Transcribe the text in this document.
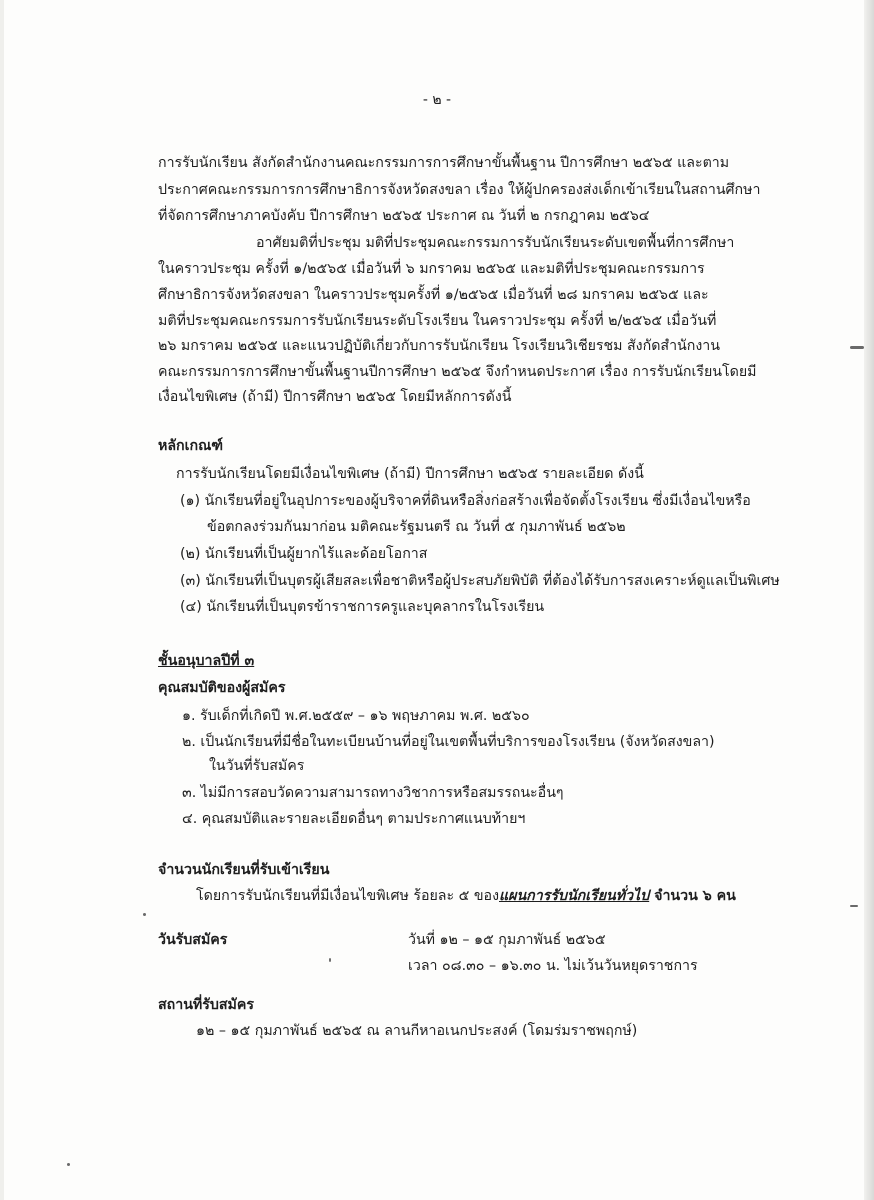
- ๒ -
การรับนักเรียน สังกัดสำนักงานคณะกรรมการการศึกษาขั้นพื้นฐาน ปีการศึกษา ๒๕๖๕ และตาม
ประกาศคณะกรรมการการศึกษาธิการจังหวัดสงขลา เรื่อง ให้ผู้ปกครองส่งเด็กเข้าเรียนในสถานศึกษา
ที่จัดการศึกษาภาคบังคับ ปีการศึกษา ๒๕๖๕ ประกาศ ณ วันที่ ๒ กรกฎาคม ๒๕๖๔
อาศัยมติที่ประชุม มติที่ประชุมคณะกรรมการรับนักเรียนระดับเขตพื้นที่การศึกษา
ในคราวประชุม ครั้งที่ ๑/๒๕๖๕ เมื่อวันที่ ๖ มกราคม ๒๕๖๕ และมติที่ประชุมคณะกรรมการ
ศึกษาธิการจังหวัดสงขลา ในคราวประชุมครั้งที่ ๑/๒๕๖๕ เมื่อวันที่ ๒๘ มกราคม ๒๕๖๕ และ
มติที่ประชุมคณะกรรมการรับนักเรียนระดับโรงเรียน ในคราวประชุม ครั้งที่ ๒/๒๕๖๕ เมื่อวันที่
๒๖ มกราคม ๒๕๖๕ และแนวปฏิบัติเกี่ยวกับการรับนักเรียน โรงเรียนวิเชียรชม สังกัดสำนักงาน
คณะกรรมการการศึกษาขั้นพื้นฐานปีการศึกษา ๒๕๖๕ จึงกำหนดประกาศ เรื่อง การรับนักเรียนโดยมี
เงื่อนไขพิเศษ (ถ้ามี) ปีการศึกษา ๒๕๖๕ โดยมีหลักการดังนี้
หลักเกณฑ์
การรับนักเรียนโดยมีเงื่อนไขพิเศษ (ถ้ามี) ปีการศึกษา ๒๕๖๕ รายละเอียด ดังนี้
(๑) นักเรียนที่อยู่ในอุปการะของผู้บริจาคที่ดินหรือสิ่งก่อสร้างเพื่อจัดตั้งโรงเรียน ซึ่งมีเงื่อนไขหรือ
ข้อตกลงร่วมกันมาก่อน มติคณะรัฐมนตรี ณ วันที่ ๕ กุมภาพันธ์ ๒๕๖๒
(๒) นักเรียนที่เป็นผู้ยากไร้และด้อยโอกาส
(๓) นักเรียนที่เป็นบุตรผู้เสียสละเพื่อชาติหรือผู้ประสบภัยพิบัติ ที่ต้องได้รับการสงเคราะห์ดูแลเป็นพิเศษ
(๔) นักเรียนที่เป็นบุตรข้าราชการครูและบุคลากรในโรงเรียน
ชั้นอนุบาลปีที่ ๓
คุณสมบัติของผู้สมัคร
๑. รับเด็กที่เกิดปี พ.ศ.๒๕๕๙ – ๑๖ พฤษภาคม พ.ศ. ๒๕๖๐
๒. เป็นนักเรียนที่มีชื่อในทะเบียนบ้านที่อยู่ในเขตพื้นที่บริการของโรงเรียน (จังหวัดสงขลา)
ในวันที่รับสมัคร
๓. ไม่มีการสอบวัดความสามารถทางวิชาการหรือสมรรถนะอื่นๆ
๔. คุณสมบัติและรายละเอียดอื่นๆ ตามประกาศแนบท้ายฯ
จำนวนนักเรียนที่รับเข้าเรียน
โดยการรับนักเรียนที่มีเงื่อนไขพิเศษ ร้อยละ ๕ ของแผนการรับนักเรียนทั่วไป จำนวน ๖ คน
วันรับสมัคร	วันที่ ๑๒ – ๑๕ กุมภาพันธ์ ๒๕๖๕
เวลา ๐๘.๓๐ – ๑๖.๓๐ น. ไม่เว้นวันหยุดราชการ
สถานที่รับสมัคร
๑๒ – ๑๕ กุมภาพันธ์ ๒๕๖๕ ณ ลานกีหาอเนกประสงค์ (โดมร่มราชพฤกษ์)
